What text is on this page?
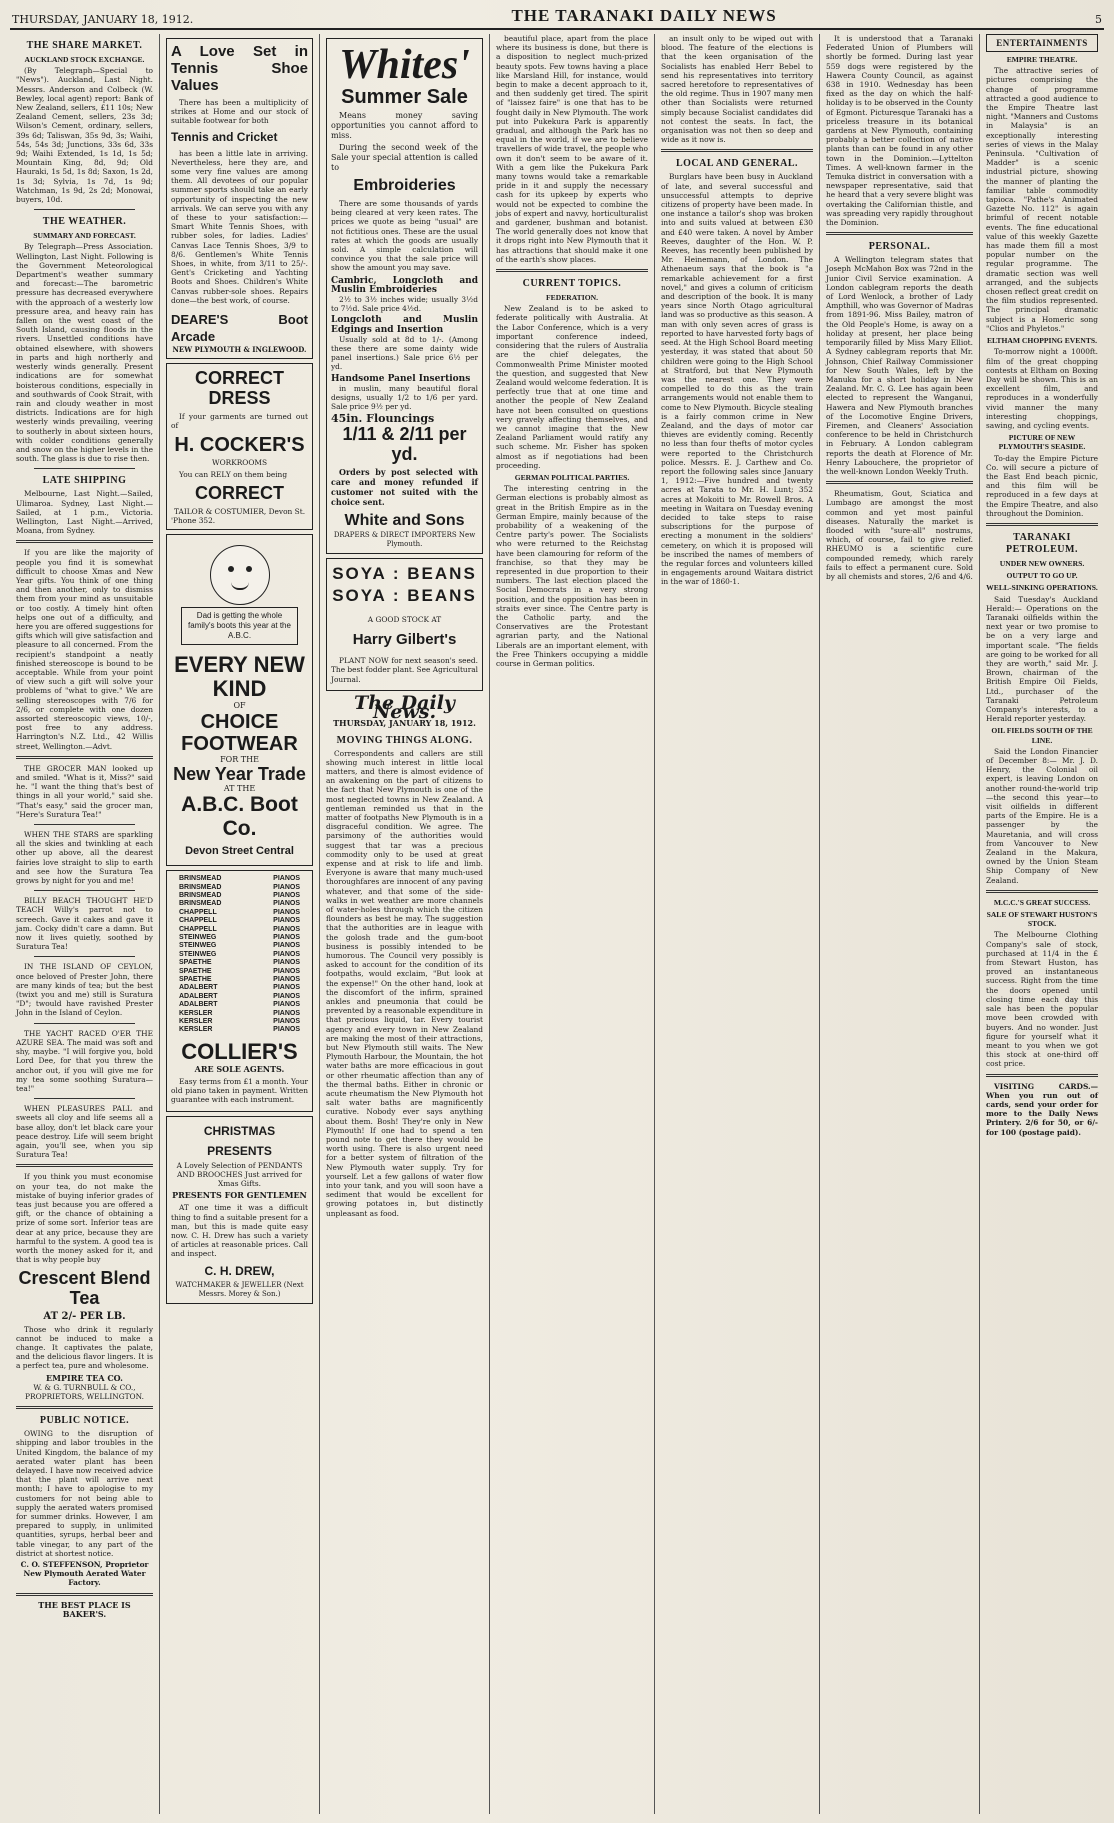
THURSDAY, JANUARY 18, 1912.	THE TARANAKI DAILY NEWS	5
THE SHARE MARKET.
AUCKLAND STOCK EXCHANGE.

(By Telegraph—Special to "News"). Auckland, Last Night. Messrs. Anderson and Colbeck (W. Bewley, local agent) report: Bank of New Zealand, sellers, £11 10s; New Zealand Cement, sellers, 23s 3d; Wilson's Cement, ordinary, sellers, 39s 6d; Taliswan, 35s 9d, 3s; Waihi, 54s, 54s 3d; Junctions, 33s 6d, 33s 9d; Waihi Extended, 1s 1d, 1s 5d; Mountain King, 8d, 9d; Old Hauraki, 1s 5d, 1s 8d; Saxon, 1s 2d, 1s 3d; Sylvia, 1s 7d, 1s 9d; Watchman, 1s 9d, 2s 2d; Monowai, buyers, 10d.

THE WEATHER.
SUMMARY AND FORECAST.

By Telegraph—Press Association. Wellington, Last Night. Following is the Government Meteorological Department's weather summary and forecast:—The barometric pressure has decreased everywhere with the approach of a westerly low pressure area, and heavy rain has fallen on the west coast of the South Island, causing floods in the rivers. Unsettled conditions have obtained elsewhere, with showers in parts and high northerly and westerly winds generally. Present indications are for somewhat boisterous conditions, especially in and southwards of Cook Strait, with rain and cloudy weather in most districts. Indications are for high westerly winds prevailing, veering to southerly in about sixteen hours, with colder conditions generally and snow on the higher levels in the south. The glass is due to rise then.

LATE SHIPPING

Melbourne, Last Night.—Sailed, Ulimaroa. Sydney, Last Night.—Sailed, at 1 p.m., Victoria. Wellington, Last Night.—Arrived, Moana, from Sydney.

If you are like the majority of people you find it is somewhat difficult to choose Xmas and New Year gifts. You think of one thing and then another, only to dismiss them from your mind as unsuitable or too costly. A timely hint often helps one out of a difficulty, and here you are offered suggestions for gifts which will give satisfaction and pleasure to all concerned. From the recipient's standpoint a neatly finished stereoscope is bound to be acceptable. While from your point of view such a gift will solve your problems of "what to give." We are selling stereoscopes with 7/6 for 2/6, or complete with one dozen assorted stereoscopic views, 10/-, post free to any address. Harrington's N.Z. Ltd., 42 Willis street, Wellington.—Advt.

THE GROCER MAN looked up and smiled. "What is it, Miss?" said he. "I want the thing that's best of things in all your world," said she. "That's easy," said the grocer man, "Here's Suratura Tea!"

WHEN THE STARS are sparkling all the skies and twinkling at each other up above, all the dearest fairies love straight to slip to earth and see how the Suratura Tea grows by night for you and me!

BILLY BEACH THOUGHT HE'D TEACH Willy's parrot not to screech. Gave it cakes and gave it jam. Cocky didn't care a damn. But now it lives quietly, soothed by Suratura Tea!

IN THE ISLAND OF CEYLON, once beloved of Prester John, there are many kinds of tea; but the best (twixt you and me) still is Suratura "D"; twould have ravished Prester John in the Island of Ceylon.

THE YACHT RACED O'ER THE AZURE SEA. The maid was soft and shy, maybe. "I will forgive you, bold Lord Dee, for that you threw the anchor out, if you will give me for my tea some soothing Suratura—tea!"

WHEN PLEASURES PALL and sweets all cloy and life seems all a base alloy, don't let black care your peace destroy. Life will seem bright again, you'll see, when you sip Suratura Tea!

If you think you must economise on your tea, do not make the mistake of buying inferior grades of teas just because you are offered a gift, or the chance of obtaining a prize of some sort. Inferior teas are dear at any price, because they are harmful to the system. A good tea is worth the money asked for it, and that is why people buy

Crescent Blend Tea
AT 2/- PER LB.

Those who drink it regularly cannot be induced to make a change. It captivates the palate, and the delicious flavor lingers. It is a perfect tea, pure and wholesome.

EMPIRE TEA CO.
W. & G. TURNBULL & CO., PROPRIETORS, WELLINGTON.
PUBLIC NOTICE.

OWING to the disruption of shipping and labor troubles in the United Kingdom, the balance of my aerated water plant has been delayed. I have now received advice that the plant will arrive next month; I have to apologise to my customers for not being able to supply the aerated waters promised for summer drinks. However, I am prepared to supply, in unlimited quantities, syrups, herbal beer and table vinegar, to any part of the district at shortest notice.

C. O. STEFFENSON, Proprietor New Plymouth Aerated Water Factory.
THE BEST PLACE IS BAKER'S.
A Love Set in Tennis Shoe Values

There has been a multiplicity of strikes at Home and our stock of suitable footwear for both

Tennis and Cricket

has been a little late in arriving. Nevertheless, here they are, and some very fine values are among them. All devotees of our popular summer sports should take an early opportunity of inspecting the new arrivals. We can serve you with any of these to your satisfaction:— Smart White Tennis Shoes, with rubber soles, for ladies. Ladies' Canvas Lace Tennis Shoes, 3/9 to 8/6. Gentlemen's White Tennis Shoes, in white, from 3/11 to 25/-. Gent's Cricketing and Yachting Boots and Shoes. Children's White Canvas rubber-sole shoes. Repairs done—the best work, of course.

DEARE'S Boot Arcade
NEW PLYMOUTH & INGLEWOOD.
CORRECT DRESS

If your garments are turned out of

H. COCKER'S
WORKROOMS

You can RELY on them being

CORRECT
TAILOR & COSTUMIER, Devon St.
'Phone 352.
Dad is getting the whole family's boots this year at the A.B.C.
EVERY NEW KIND
OF
CHOICE FOOTWEAR
FOR THE
New Year Trade
AT THE
A.B.C. Boot Co.
Devon Street Central
BRINSMEAD	PIANOS
BRINSMEAD	PIANOS
BRINSMEAD	PIANOS
BRINSMEAD	PIANOS
CHAPPELL	PIANOS
CHAPPELL	PIANOS
CHAPPELL	PIANOS
STEINWEG	PIANOS
STEINWEG	PIANOS
STEINWEG	PIANOS
SPAETHE	PIANOS
SPAETHE	PIANOS
SPAETHE	PIANOS
ADALBERT	PIANOS
ADALBERT	PIANOS
ADALBERT	PIANOS
KERSLER	PIANOS
KERSLER	PIANOS
KERSLER	PIANOS
COLLIER'S
ARE SOLE AGENTS.

Easy terms from £1 a month. Your old piano taken in payment. Written guarantee with each instrument.

CHRISTMAS PRESENTS

A Lovely Selection of PENDANTS AND BROOCHES Just arrived for Xmas Gifts.

PRESENTS FOR GENTLEMEN

AT one time it was a difficult thing to find a suitable present for a man, but this is made quite easy now. C. H. Drew has such a variety of articles at reasonable prices. Call and inspect.

C. H. DREW,
WATCHMAKER & JEWELLER (Next Messrs. Morey & Son.)
Whites'
Summer Sale

Means money saving opportunities you cannot afford to miss.

During the second week of the Sale your special attention is called to

Embroideries

There are some thousands of yards being cleared at very keen rates. The prices we quote as being "usual" are not fictitious ones. These are the usual rates at which the goods are usually sold. A simple calculation will convince you that the sale price will show the amount you may save.

Cambric, Longcloth and Muslin Embroideries

2½ to 3½ inches wide; usually 3½d to 7½d. Sale price 4½d.

Longcloth and Muslin Edgings and Insertion

Usually sold at 8d to 1/-. (Among these there are some dainty wide panel insertions.) Sale price 6½ per yd.

Handsome Panel Insertions

in muslin, many beautiful floral designs, usually 1/2 to 1/6 per yard. Sale price 9½ per yd.

45in. Flouncings
1/11 & 2/11 per yd.

Orders by post selected with care and money refunded if customer not suited with the choice sent.

White and Sons
DRAPERS & DIRECT IMPORTERS New Plymouth.
SOYA : BEANS
SOYA : BEANS
A GOOD STOCK AT
Harry Gilbert's

PLANT NOW for next season's seed. The best fodder plant. See Agricultural Journal.

The Daily News.
THURSDAY, JANUARY 18, 1912.
MOVING THINGS ALONG.

Correspondents and callers are still showing much interest in little local matters, and there is almost evidence of an awakening on the part of citizens to the fact that New Plymouth is one of the most neglected towns in New Zealand. A gentleman reminded us that in the matter of footpaths New Plymouth is in a disgraceful condition. We agree. The parsimony of the authorities would suggest that tar was a precious commodity only to be used at great expense and at risk to life and limb. Everyone is aware that many much-used thoroughfares are innocent of any paving whatever, and that some of the side-walks in wet weather are more channels of water-holes through which the citizen flounders as best he may. The suggestion that the authorities are in league with the golosh trade and the gum-boot business is possibly intended to be humorous. The Council very possibly is asked to account for the condition of its footpaths, would exclaim, "But look at the expense!" On the other hand, look at the discomfort of the infirm, sprained ankles and pneumonia that could be prevented by a reasonable expenditure in that precious liquid, tar. Every tourist agency and every town in New Zealand are making the most of their attractions, but New Plymouth still waits. The New Plymouth Harbour, the Mountain, the hot water baths are more efficacious in gout or other rheumatic affection than any of the thermal baths. Either in chronic or acute rheumatism the New Plymouth hot salt water baths are magnificently curative. Nobody ever says anything about them. Bosh! They're only in New Plymouth! If one had to spend a ten pound note to get there they would be worth using. There is also urgent need for a better system of filtration of the New Plymouth water supply. Try for yourself. Let a few gallons of water flow into your tank, and you will soon have a sediment that would be excellent for growing potatoes in, but distinctly unpleasant as food.

beautiful place, apart from the place where its business is done, but there is a disposition to neglect much-prized beauty spots. Few towns having a place like Marsland Hill, for instance, would begin to make a decent approach to it, and then suddenly get tired. The spirit of "laissez faire" is one that has to be fought daily in New Plymouth. The work put into Pukekura Park is apparently gradual, and although the Park has no equal in the world, if we are to believe travellers of wide travel, the people who own it don't seem to be aware of it. With a gem like the Pukekura Park many towns would take a remarkable pride in it and supply the necessary cash for its upkeep by experts who would not be expected to combine the jobs of expert and navvy, horticulturalist and gardener, bushman and botanist. The world generally does not know that it drops right into New Plymouth that it has attractions that should make it one of the earth's show places.

CURRENT TOPICS.
FEDERATION.

New Zealand is to be asked to federate politically with Australia. At the Labor Conference, which is a very important conference indeed, considering that the rulers of Australia are the chief delegates, the Commonwealth Prime Minister mooted the question, and suggested that New Zealand would welcome federation. It is perfectly true that at one time and another the people of New Zealand have not been consulted on questions very gravely affecting themselves, and we cannot imagine that the New Zealand Parliament would ratify any such scheme. Mr. Fisher has spoken almost as if negotiations had been proceeding.

GERMAN POLITICAL PARTIES.

The interesting centring in the German elections is probably almost as great in the British Empire as in the German Empire, mainly because of the probability of a weakening of the Centre party's power. The Socialists who were returned to the Reichstag have been clamouring for reform of the franchise, so that they may be represented in due proportion to their numbers. The last election placed the Social Democrats in a very strong position, and the opposition has been in straits ever since. The Centre party is the Catholic party, and the Conservatives are the Protestant agrarian party, and the National Liberals are an important element, with the Free Thinkers occupying a middle course in German politics.

an insult only to be wiped out with blood. The feature of the elections is that the keen organisation of the Socialists has enabled Herr Bebel to send his representatives into territory sacred heretofore to representatives of the old regime. Thus in 1907 many men other than Socialists were returned simply because Socialist candidates did not contest the seats. In fact, the organisation was not then so deep and wide as it now is.

LOCAL AND GENERAL.

Burglars have been busy in Auckland of late, and several successful and unsuccessful attempts to deprive citizens of property have been made. In one instance a tailor's shop was broken into and suits valued at between £30 and £40 were taken. A novel by Amber Reeves, daughter of the Hon. W. P. Reeves, has recently been published by Mr. Heinemann, of London. The Athenaeum says that the book is "a remarkable achievement for a first novel," and gives a column of criticism and description of the book. It is many years since North Otago agricultural land was so productive as this season. A man with only seven acres of grass is reported to have harvested forty bags of seed. At the High School Board meeting yesterday, it was stated that about 50 children were going to the High School at Stratford, but that New Plymouth was the nearest one. They were compelled to do this as the train arrangements would not enable them to come to New Plymouth. Bicycle stealing is a fairly common crime in New Zealand, and the days of motor car thieves are evidently coming. Recently no less than four thefts of motor cycles were reported to the Christchurch police. Messrs. E. J. Carthew and Co. report the following sales since January 1, 1912:—Five hundred and twenty acres at Tarata to Mr. H. Lunt; 352 acres at Mokoiti to Mr. Rowell Bros. A meeting in Waitara on Tuesday evening decided to take steps to raise subscriptions for the purpose of erecting a monument in the soldiers' cemetery, on which it is proposed will be inscribed the names of members of the regular forces and volunteers killed in engagements around Waitara district in the war of 1860-1.

It is understood that a Taranaki Federated Union of Plumbers will shortly be formed. During last year 559 dogs were registered by the Hawera County Council, as against 638 in 1910. Wednesday has been fixed as the day on which the half-holiday is to be observed in the County of Egmont. Picturesque Taranaki has a priceless treasure in its botanical gardens at New Plymouth, containing probably a better collection of native plants than can be found in any other town in the Dominion.—Lyttelton Times. A well-known farmer in the Temuka district in conversation with a newspaper representative, said that he heard that a very severe blight was overtaking the Californian thistle, and was spreading very rapidly throughout the Dominion.

PERSONAL.

A Wellington telegram states that Joseph McMahon Box was 72nd in the Junior Civil Service examination. A London cablegram reports the death of Lord Wenlock, a brother of Lady Ampthill, who was Governor of Madras from 1891-96. Miss Bailey, matron of the Old People's Home, is away on a holiday at present, her place being temporarily filled by Miss Mary Elliot. A Sydney cablegram reports that Mr. Johnson, Chief Railway Commissioner for New South Wales, left by the Manuka for a short holiday in New Zealand. Mr. C. G. Lee has again been elected to represent the Wanganui, Hawera and New Plymouth branches of the Locomotive Engine Drivers, Firemen, and Cleaners' Association conference to be held in Christchurch in February. A London cablegram reports the death at Florence of Mr. Henry Labouchere, the proprietor of the well-known London Weekly Truth.

Rheumatism, Gout, Sciatica and Lumbago are amongst the most common and yet most painful diseases. Naturally the market is flooded with "sure-all" nostrums, which, of course, fail to give relief. RHEUMO is a scientific cure compounded remedy, which rarely fails to effect a permanent cure. Sold by all chemists and stores, 2/6 and 4/6.

ENTERTAINMENTS
EMPIRE THEATRE.

The attractive series of pictures comprising the change of programme attracted a good audience to the Empire Theatre last night. "Manners and Customs in Malaysia" is an exceptionally interesting series of views in the Malay Peninsula. "Cultivation of Madder" is a scenic industrial picture, showing the manner of planting the familiar table commodity tapioca. "Pathe's Animated Gazette No. 112" is again brimful of recent notable events. The fine educational value of this weekly Gazette has made them fill a most popular number on the regular programme. The dramatic section was well arranged, and the subjects chosen reflect great credit on the film studios represented. The principal dramatic subject is a Homeric song "Clios and Phyletos."

ELTHAM CHOPPING EVENTS.

To-morrow night a 1000ft. film of the great chopping contests at Eltham on Boxing Day will be shown. This is an excellent film, and reproduces in a wonderfully vivid manner the many interesting choppings, sawing, and cycling events.

PICTURE OF NEW PLYMOUTH'S SEASIDE.

To-day the Empire Picture Co. will secure a picture of the East End beach picnic, and this film will be reproduced in a few days at the Empire Theatre, and also throughout the Dominion.

TARANAKI PETROLEUM.
UNDER NEW OWNERS.
OUTPUT TO GO UP.
WELL-SINKING OPERATIONS.

Said Tuesday's Auckland Herald:— Operations on the Taranaki oilfields within the next year or two promise to be on a very large and important scale. "The fields are going to be worked for all they are worth," said Mr. J. Brown, chairman of the British Empire Oil Fields, Ltd., purchaser of the Taranaki Petroleum Company's interests, to a Herald reporter yesterday.

OIL FIELDS SOUTH OF THE LINE.

Said the London Financier of December 8:— Mr. J. D. Henry, the Colonial oil expert, is leaving London on another round-the-world trip—the second this year—to visit oilfields in different parts of the Empire. He is a passenger by the Mauretania, and will cross from Vancouver to New Zealand in the Makura, owned by the Union Steam Ship Company of New Zealand.

M.C.C.'S GREAT SUCCESS.
SALE OF STEWART HUSTON'S STOCK.

The Melbourne Clothing Company's sale of stock, purchased at 11/4 in the £ from Stewart Huston, has proved an instantaneous success. Right from the time the doors opened until closing time each day this sale has been the popular move been crowded with buyers. And no wonder. Just figure for yourself what it meant to you when we got this stock at one-third off cost price.

VISITING CARDS.—When you run out of cards, send your order for more to the Daily News Printery. 2/6 for 50, or 6/- for 100 (postage paid).
